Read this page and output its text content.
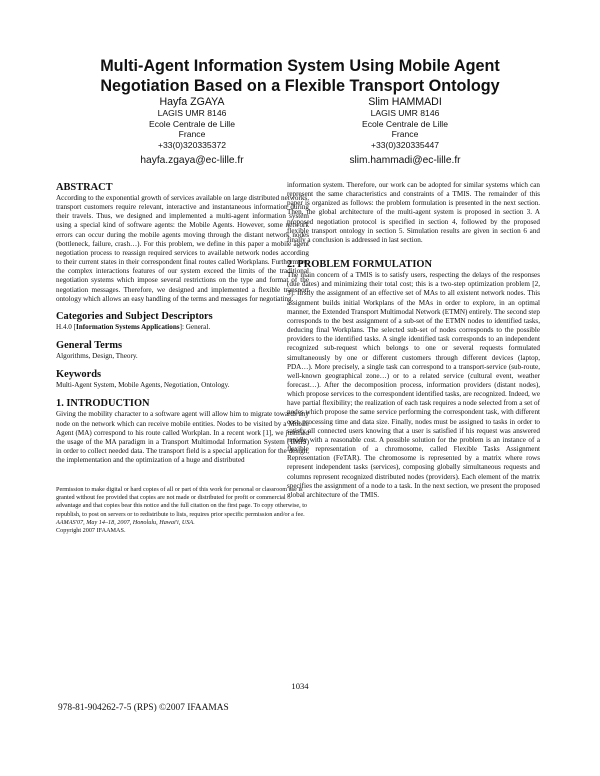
Multi-Agent Information System Using Mobile Agent
Negotiation Based on a Flexible Transport Ontology
Hayfa ZGAYA
LAGIS UMR 8146
Ecole Centrale de Lille
France
+33(0)320335372
hayfa.zgaya@ec-lille.fr
Slim HAMMADI
LAGIS UMR 8146
Ecole Centrale de Lille
France
+33(0)320335447
slim.hammadi@ec-lille.fr
ABSTRACT

According to the exponential growth of services available on large distributed networks, transport customers require relevant, interactive and instantaneous information during their travels. Thus, we designed and implemented a multi-agent information system using a special kind of software agents: the Mobile Agents. However, some network errors can occur during the mobile agents moving through the distant network nodes (bottleneck, failure, crash…). For this problem, we define in this paper a mobile agent negotiation process to reassign required services to available network nodes according to their current states in their correspondent final routes called Workplans. Furthermore, the complex interactions features of our system exceed the limits of the traditional negotiation systems which impose several restrictions on the type and format of the negotiation messages. Therefore, we designed and implemented a flexible transport ontology which allows an easy handling of the terms and messages for negotiating.

Categories and Subject Descriptors

H.4.0 [Information Systems Applications]: General.

General Terms

Algorithms, Design, Theory.

Keywords

Multi-Agent System, Mobile Agents, Negotiation, Ontology.

1. INTRODUCTION

Giving the mobility character to a software agent will allow him to migrate towards any node on the network which can receive mobile entities. Nodes to be visited by a Mobile Agent (MA) correspond to his route called Workplan. In a recent work [1], we justified the usage of the MA paradigm in a Transport Multimodal Information System (TMIS) in order to collect needed data. The transport field is a special application for the design, the implementation and the optimization of a huge and distributed

Permission to make digital or hard copies of all or part of this work for personal or classroom use is granted without fee provided that copies are not made or distributed for profit or commercial advantage and that copies bear this notice and the full citation on the first page. To copy otherwise, to republish, to post on servers or to redistribute to lists, requires prior specific permission and/or a fee.

AAMAS'07, May 14–18, 2007, Honolulu, Hawai'i, USA.

Copyright 2007 IFAAMAS.

information system. Therefore, our work can be adopted for similar systems which can represent the same characteristics and constraints of a TMIS. The remainder of this paper is organized as follows: the problem formulation is presented in the next section. Then, the global architecture of the multi-agent system is proposed in section 3. A proposed negotiation protocol is specified in section 4, followed by the proposed flexible transport ontology in section 5. Simulation results are given in section 6 and finally a conclusion is addressed in last section.

2. PROBLEM FORMULATION

The main concern of a TMIS is to satisfy users, respecting the delays of the responses (due dates) and minimizing their total cost; this is a two-step optimization problem [2, 3]: firstly the assignment of an effective set of MAs to all existent network nodes. This assignment builds initial Workplans of the MAs in order to explore, in an optimal manner, the Extended Transport Multimodal Network (ETMN) entirely. The second step corresponds to the best assignment of a sub-set of the ETMN nodes to identified tasks, deducing final Workplans. The selected sub-set of nodes corresponds to the possible providers to the identified tasks. A single identified task corresponds to an independent recognized sub-request which belongs to one or several requests formulated simultaneously by one or different customers through different devices (laptop, PDA…). More precisely, a single task can correspond to a transport-service (sub-route, well-known geographical zone…) or to a related service (cultural event, weather forecast…). After the decomposition process, information providers (distant nodes), which propose services to the correspondent identified tasks, are recognized. Indeed, we have partial flexibility; the realization of each task requires a node selected from a set of nodes which propose the same service performing the correspondent task, with different cost, processing time and data size. Finally, nodes must be assigned to tasks in order to satisfy all connected users knowing that a user is satisfied if his request was answered rapidly with a reasonable cost. A possible solution for the problem is an instance of a flexible representation of a chromosome, called Flexible Tasks Assignment Representation (FeTAR). The chromosome is represented by a matrix where rows represent independent tasks (services), composing globally simultaneous requests and columns represent recognized distributed nodes (providers). Each element of the matrix specifies the assignment of a node to a task. In the next section, we present the proposed global architecture of the TMIS.

1034
978-81-904262-7-5 (RPS) ©2007 IFAAMAS
